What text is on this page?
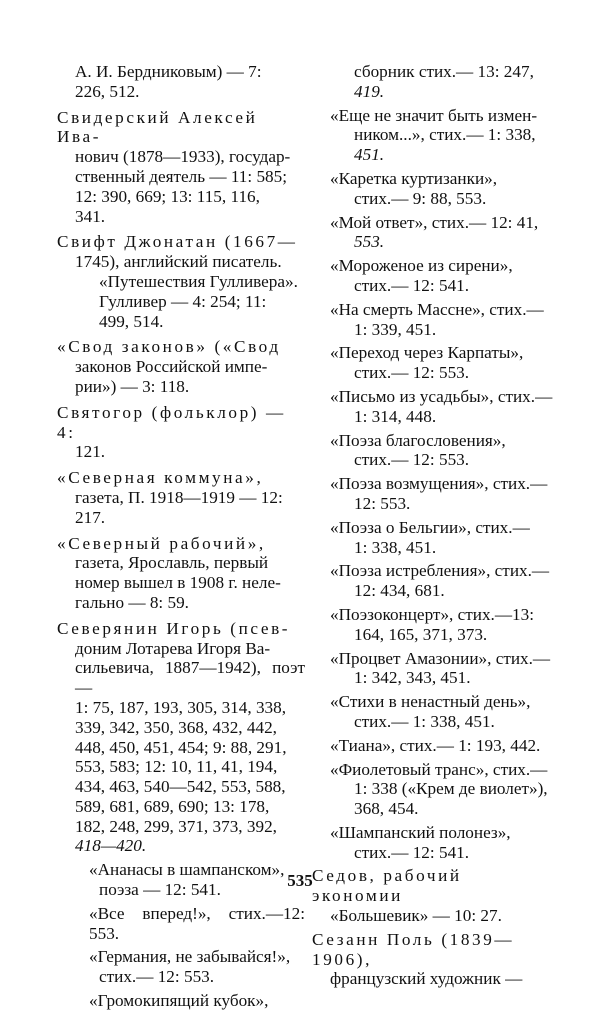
А. И. Бердниковым) — 7:
226, 512.
Свидерский Алексей Ива-
нович (1878—1933), государ-
ственный деятель — 11: 585;
12: 390, 669; 13: 115, 116,
341.
Свифт Джонатан (1667—
1745), английский писатель.
«Путешествия Гулливера».
Гулливер — 4: 254; 11:
499, 514.
«Свод законов» («Свод
законов Российской импе-
рии») — 3: 118.
Святогор (фольклор) — 4:
121.
«Северная коммуна»,
газета, П. 1918—1919 — 12:
217.
«Северный рабочий»,
газета, Ярославль, первый
номер вышел в 1908 г. неле-
гально — 8: 59.
Северянин Игорь (псев-
доним Лотарева Игоря Ва-
сильевича, 1887—1942), поэт—
1: 75, 187, 193, 305, 314, 338,
339, 342, 350, 368, 432, 442,
448, 450, 451, 454; 9: 88, 291,
553, 583; 12: 10, 11, 41, 194,
434, 463, 540—542, 553, 588,
589, 681, 689, 690; 13: 178,
182, 248, 299, 371, 373, 392,
418—420.
«Ананасы в шампанском»,
поэза — 12: 541.
«Все вперед!», стих.—12: 553.
«Германия, не забывайся!»,
стих.— 12: 553.
«Громокипящий кубок»,
сборник стих.— 13: 247,
419.
«Еще не значит быть измен-
ником...», стих.— 1: 338,
451.
«Каретка куртизанки»,
стих.— 9: 88, 553.
«Мой ответ», стих.— 12: 41,
553.
«Мороженое из сирени»,
стих.— 12: 541.
«На смерть Массне», стих.—
1: 339, 451.
«Переход через Карпаты»,
стих.— 12: 553.
«Письмо из усадьбы», стих.—
1: 314, 448.
«Поэза благословения»,
стих.— 12: 553.
«Поэза возмущения», стих.—
12: 553.
«Поэза о Бельгии», стих.—
1: 338, 451.
«Поэза истребления», стих.—
12: 434, 681.
«Поэзоконцерт», стих.—13:
164, 165, 371, 373.
«Процвет Амазонии», стих.—
1: 342, 343, 451.
«Стихи в ненастный день»,
стих.— 1: 338, 451.
«Тиана», стих.— 1: 193, 442.
«Фиолетовый транс», стих.—
1: 338 («Крем де виолет»),
368, 454.
«Шампанский полонез»,
стих.— 12: 541.
Седов, рабочий экономии
«Большевик» — 10: 27.
Сезанн Поль (1839—1906),
французский художник —
535
